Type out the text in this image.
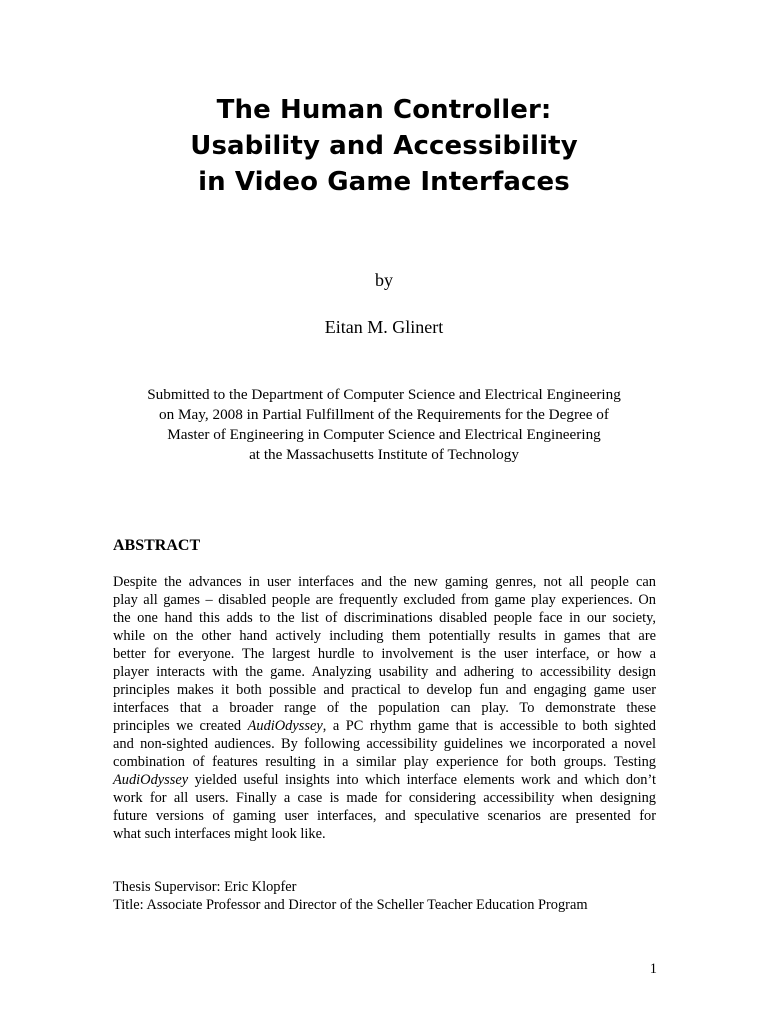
The Human Controller:
Usability and Accessibility
in Video Game Interfaces
by
Eitan M. Glinert
Submitted to the Department of Computer Science and Electrical Engineering
on May, 2008 in Partial Fulfillment of the Requirements for the Degree of
Master of Engineering in Computer Science and Electrical Engineering
at the Massachusetts Institute of Technology
ABSTRACT
Despite the advances in user interfaces and the new gaming genres, not all people can
play all games – disabled people are frequently excluded from game play experiences. On
the one hand this adds to the list of discriminations disabled people face in our society,
while on the other hand actively including them potentially results in games that are
better for everyone. The largest hurdle to involvement is the user interface, or how a
player interacts with the game. Analyzing usability and adhering to accessibility design
principles makes it both possible and practical to develop fun and engaging game user
interfaces that a broader range of the population can play. To demonstrate these
principles we created AudiOdyssey, a PC rhythm game that is accessible to both sighted
and non-sighted audiences. By following accessibility guidelines we incorporated a novel
combination of features resulting in a similar play experience for both groups. Testing
AudiOdyssey yielded useful insights into which interface elements work and which don’t
work for all users. Finally a case is made for considering accessibility when designing
future versions of gaming user interfaces, and speculative scenarios are presented for
what such interfaces might look like.
Thesis Supervisor: Eric Klopfer
Title: Associate Professor and Director of the Scheller Teacher Education Program
1
